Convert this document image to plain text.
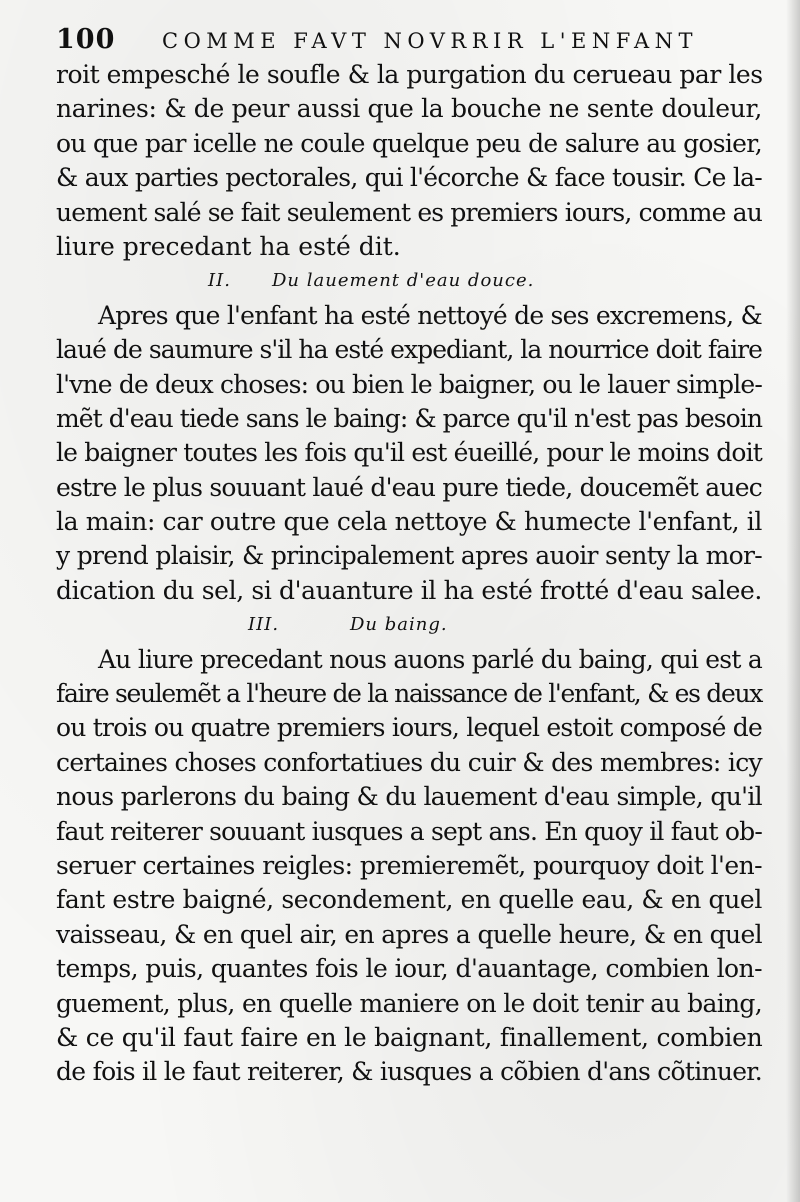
100 COMME FAVT NOVRRIR L'ENFANT
roit empesché le soufle & la purgation du cerueau par les
narines: & de peur aussi que la bouche ne sente douleur,
ou que par icelle ne coule quelque peu de salure au gosier,
& aux parties pectorales, qui l'écorche & face tousir. Ce la-
uement salé se fait seulement es premiers iours, comme au
liure precedant ha esté dit.
II. Du lauement d'eau douce.
Apres que l'enfant ha esté nettoyé de ses excremens, &
laué de saumure s'il ha esté expediant, la nourrice doit faire
l'vne de deux choses: ou bien le baigner, ou le lauer simple-
mẽt d'eau tiede sans le baing: & parce qu'il n'est pas besoin
le baigner toutes les fois qu'il est éueillé, pour le moins doit
estre le plus souuant laué d'eau pure tiede, doucemẽt auec
la main: car outre que cela nettoye & humecte l'enfant, il
y prend plaisir, & principalement apres auoir senty la mor-
dication du sel, si d'auanture il ha esté frotté d'eau salee.
III.	Du baing.
Au liure precedant nous auons parlé du baing, qui est a
faire seulemẽt a l'heure de la naissance de l'enfant, & es deux
ou trois ou quatre premiers iours, lequel estoit composé de
certaines choses confortatiues du cuir & des membres: icy
nous parlerons du baing & du lauement d'eau simple, qu'il
faut reiterer souuant iusques a sept ans. En quoy il faut ob-
seruer certaines reigles: premieremẽt, pourquoy doit l'en-
fant estre baigné, secondement, en quelle eau, & en quel
vaisseau, & en quel air, en apres a quelle heure, & en quel
temps, puis, quantes fois le iour, d'auantage, combien lon-
guement, plus, en quelle maniere on le doit tenir au baing,
& ce qu'il faut faire en le baignant, finallement, combien
de fois il le faut reiterer, & iusques a cõbien d'ans cõtinuer.
